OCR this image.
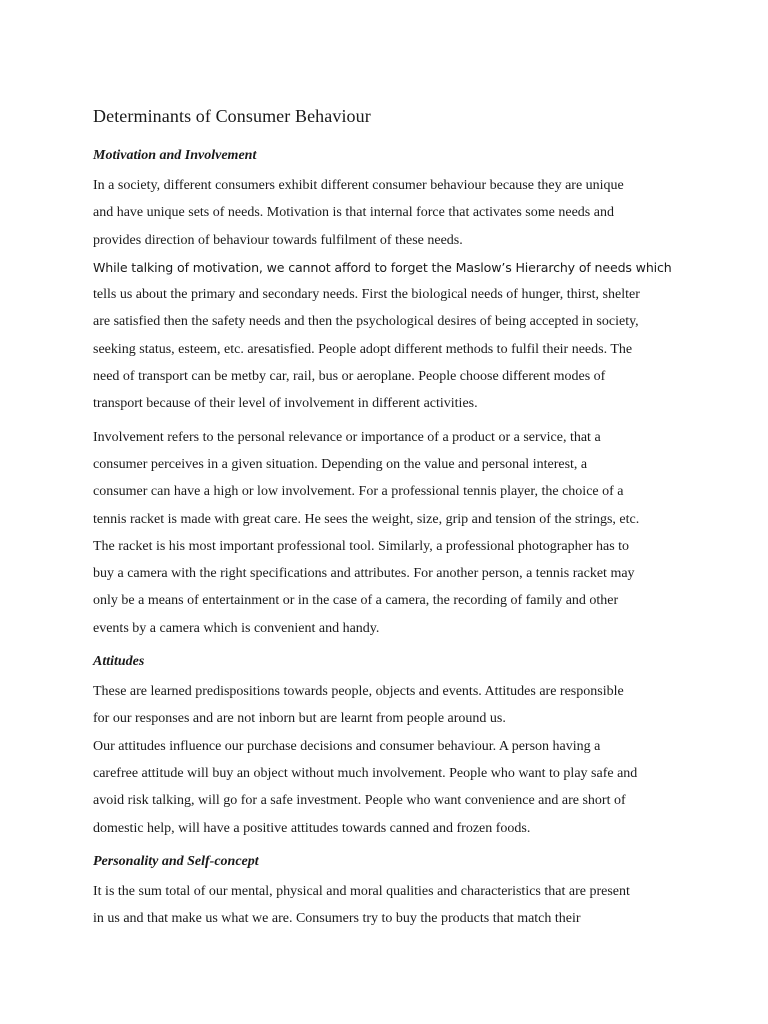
Determinants of Consumer Behaviour
Motivation and Involvement
In a society, different consumers exhibit different consumer behaviour because they are unique
and have unique sets of needs. Motivation is that internal force that activates some needs and
provides direction of behaviour towards fulfilment of these needs.
While talking of motivation, we cannot afford to forget the Maslow’s Hierarchy of needs which
tells us about the primary and secondary needs. First the biological needs of hunger, thirst, shelter
are satisfied then the safety needs and then the psychological desires of being accepted in society,
seeking status, esteem, etc. aresatisfied. People adopt different methods to fulfil their needs. The
need of transport can be metby car, rail, bus or aeroplane. People choose different modes of
transport because of their level of involvement in different activities.
Involvement refers to the personal relevance or importance of a product or a service, that a
consumer perceives in a given situation. Depending on the value and personal interest, a
consumer can have a high or low involvement. For a professional tennis player, the choice of a
tennis racket is made with great care. He sees the weight, size, grip and tension of the strings, etc.
The racket is his most important professional tool. Similarly, a professional photographer has to
buy a camera with the right specifications and attributes. For another person, a tennis racket may
only be a means of entertainment or in the case of a camera, the recording of family and other
events by a camera which is convenient and handy.
Attitudes
These are learned predispositions towards people, objects and events. Attitudes are responsible
for our responses and are not inborn but are learnt from people around us.
Our attitudes influence our purchase decisions and consumer behaviour. A person having a
carefree attitude will buy an object without much involvement. People who want to play safe and
avoid risk talking, will go for a safe investment. People who want convenience and are short of
domestic help, will have a positive attitudes towards canned and frozen foods.
Personality and Self-concept
It is the sum total of our mental, physical and moral qualities and characteristics that are present
in us and that make us what we are. Consumers try to buy the products that match their
